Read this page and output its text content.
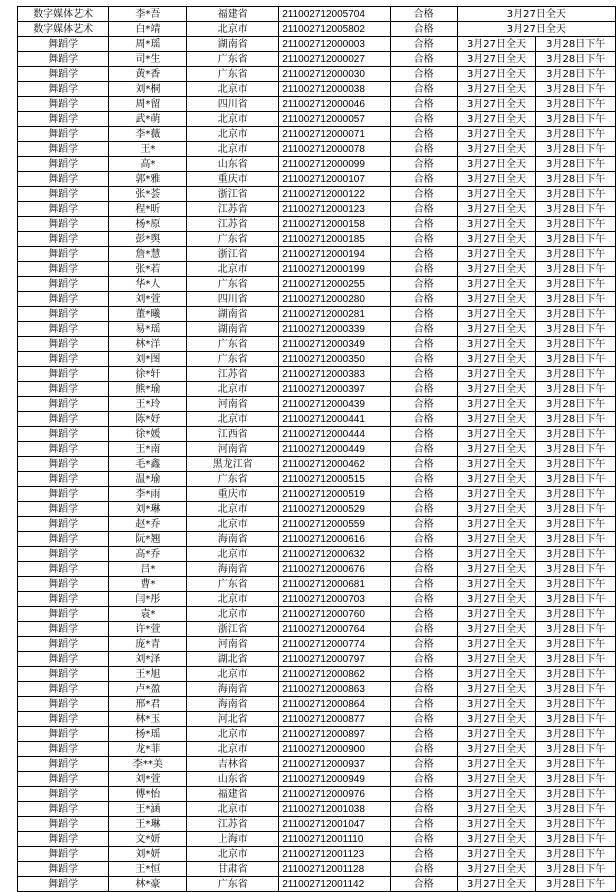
数字媒体艺术	李*吾	福建省	211002712005704	合格	3月27日全天	
数字媒体艺术	白*靖	北京市	211002712005802	合格	3月27日全天	
舞蹈学	周*瑶	湖南省	211002712000003	合格	3月27日全天	3月28日下午
舞蹈学	司*生	广东省	211002712000027	合格	3月27日全天	3月28日下午
舞蹈学	黄*香	广东省	211002712000030	合格	3月27日全天	3月28日下午
舞蹈学	刘*桐	北京市	211002712000038	合格	3月27日全天	3月28日下午
舞蹈学	周*留	四川省	211002712000046	合格	3月27日全天	3月28日下午
舞蹈学	武*萌	北京市	211002712000057	合格	3月27日全天	3月28日下午
舞蹈学	李*薇	北京市	211002712000071	合格	3月27日全天	3月28日下午
舞蹈学	王*	北京市	211002712000078	合格	3月27日全天	3月28日下午
舞蹈学	高*	山东省	211002712000099	合格	3月27日全天	3月28日下午
舞蹈学	郭*雅	重庆市	211002712000107	合格	3月27日全天	3月28日下午
舞蹈学	张*荟	浙江省	211002712000122	合格	3月27日全天	3月28日下午
舞蹈学	程*昕	江苏省	211002712000123	合格	3月27日全天	3月28日下午
舞蹈学	杨*原	江苏省	211002712000158	合格	3月27日全天	3月28日下午
舞蹈学	彭*舆	广东省	211002712000185	合格	3月27日全天	3月28日下午
舞蹈学	詹*慧	浙江省	211002712000194	合格	3月27日全天	3月28日下午
舞蹈学	张*若	北京市	211002712000199	合格	3月27日全天	3月28日下午
舞蹈学	华*人	广东省	211002712000255	合格	3月27日全天	3月28日下午
舞蹈学	刘*萱	四川省	211002712000280	合格	3月27日全天	3月28日下午
舞蹈学	董*曦	湖南省	211002712000281	合格	3月27日全天	3月28日下午
舞蹈学	易*瑶	湖南省	211002712000339	合格	3月27日全天	3月28日下午
舞蹈学	林*洋	广东省	211002712000349	合格	3月27日全天	3月28日下午
舞蹈学	刘*图	广东省	211002712000350	合格	3月27日全天	3月28日下午
舞蹈学	徐*轩	江苏省	211002712000383	合格	3月27日全天	3月28日下午
舞蹈学	熊*瑜	北京市	211002712000397	合格	3月27日全天	3月28日下午
舞蹈学	王*玲	河南省	211002712000439	合格	3月27日全天	3月28日下午
舞蹈学	陈*妤	北京市	211002712000441	合格	3月27日全天	3月28日下午
舞蹈学	徐*媛	江西省	211002712000444	合格	3月27日全天	3月28日下午
舞蹈学	王*南	河南省	211002712000449	合格	3月27日全天	3月28日下午
舞蹈学	毛*鑫	黑龙江省	211002712000462	合格	3月27日全天	3月28日下午
舞蹈学	温*瑜	广东省	211002712000515	合格	3月27日全天	3月28日下午
舞蹈学	李*雨	重庆市	211002712000519	合格	3月27日全天	3月28日下午
舞蹈学	刘*琳	北京市	211002712000529	合格	3月27日全天	3月28日下午
舞蹈学	赵*乔	北京市	211002712000559	合格	3月27日全天	3月28日下午
舞蹈学	阮*翘	海南省	211002712000616	合格	3月27日全天	3月28日下午
舞蹈学	高*乔	北京市	211002712000632	合格	3月27日全天	3月28日下午
舞蹈学	吕*	海南省	211002712000676	合格	3月27日全天	3月28日下午
舞蹈学	曹*	广东省	211002712000681	合格	3月27日全天	3月28日下午
舞蹈学	闫*彤	北京市	211002712000703	合格	3月27日全天	3月28日下午
舞蹈学	袁*	北京市	211002712000760	合格	3月27日全天	3月28日下午
舞蹈学	许*萱	浙江省	211002712000764	合格	3月27日全天	3月28日下午
舞蹈学	庞*青	河南省	211002712000774	合格	3月27日全天	3月28日下午
舞蹈学	刘*泽	湖北省	211002712000797	合格	3月27日全天	3月28日下午
舞蹈学	王*旭	北京市	211002712000862	合格	3月27日全天	3月28日下午
舞蹈学	卢*盈	海南省	211002712000863	合格	3月27日全天	3月28日下午
舞蹈学	邢*君	海南省	211002712000864	合格	3月27日全天	3月28日下午
舞蹈学	林*玉	河北省	211002712000877	合格	3月27日全天	3月28日下午
舞蹈学	杨*瑶	北京市	211002712000897	合格	3月27日全天	3月28日下午
舞蹈学	龙*菲	北京市	211002712000900	合格	3月27日全天	3月28日下午
舞蹈学	李**美	吉林省	211002712000937	合格	3月27日全天	3月28日下午
舞蹈学	刘*萱	山东省	211002712000949	合格	3月27日全天	3月28日下午
舞蹈学	傅*怡	福建省	211002712000976	合格	3月27日全天	3月28日下午
舞蹈学	王*涵	北京市	211002712001038	合格	3月27日全天	3月28日下午
舞蹈学	王*琳	江苏省	211002712001047	合格	3月27日全天	3月28日下午
舞蹈学	文*妍	上海市	211002712001110	合格	3月27日全天	3月28日下午
舞蹈学	刘*妍	北京市	211002712001123	合格	3月27日全天	3月28日下午
舞蹈学	王*恒	甘肃省	211002712001128	合格	3月27日全天	3月28日下午
舞蹈学	林*豪	广东省	211002712001142	合格	3月27日全天	3月28日下午
